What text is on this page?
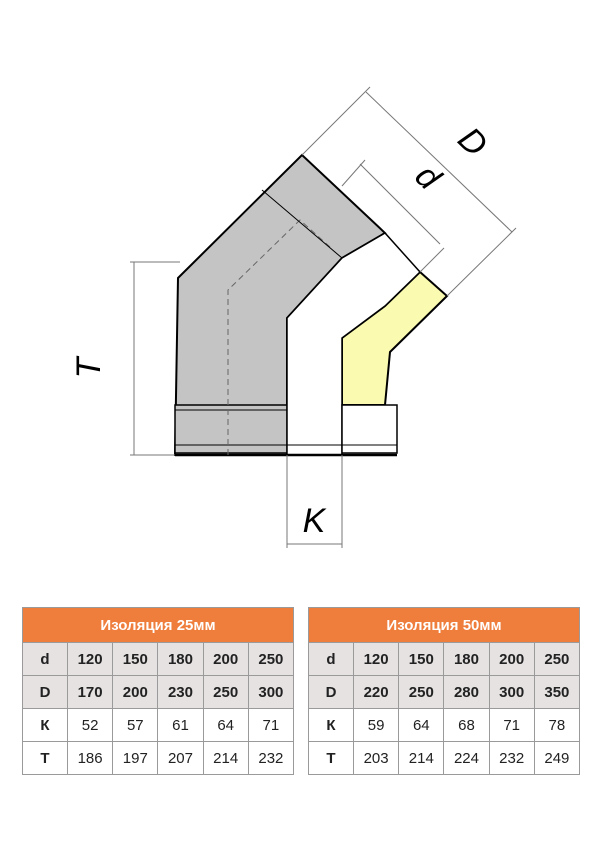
T
K
D
d
Изоляция 25мм					
d	120	150	180	200	250
D	170	200	230	250	300
К	52	57	61	64	71
Т	186	197	207	214	232
Изоляция 50мм					
d	120	150	180	200	250
D	220	250	280	300	350
К	59	64	68	71	78
Т	203	214	224	232	249
